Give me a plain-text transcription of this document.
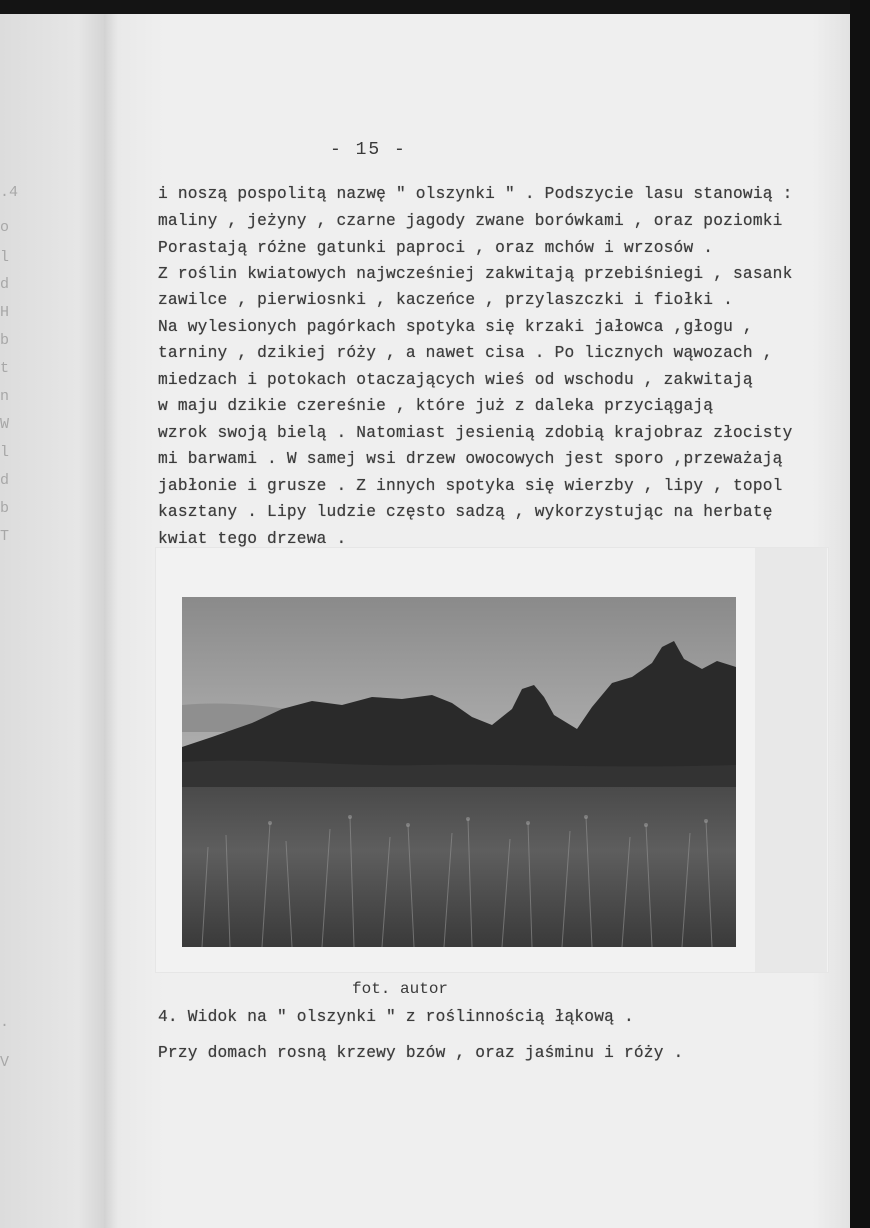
.4
o
l
d
H
b
t
n
W
l
d
b
T
.
V
- 15 -
i noszą pospolitą nazwę " olszynki " . Podszycie lasu stanowią :
maliny , jeżyny , czarne jagody zwane borówkami , oraz poziomki
Porastają różne gatunki paproci , oraz mchów i wrzosów .
Z roślin kwiatowych najwcześniej zakwitają przebiśniegi , sasank
zawilce , pierwiosnki , kaczeńce , przylaszczki i fiołki .
Na wylesionych pagórkach spotyka się krzaki jałowca ,głogu ,
tarniny , dzikiej róży , a nawet cisa . Po licznych wąwozach ,
miedzach i potokach otaczających wieś od wschodu , zakwitają
w maju dzikie czereśnie , które już z daleka przyciągają
wzrok swoją bielą . Natomiast jesienią zdobią krajobraz złocisty
mi barwami . W samej wsi drzew owocowych jest sporo ,przeważają
jabłonie i grusze . Z innych spotyka się wierzby , lipy , topol
kasztany . Lipy ludzie często sadzą , wykorzystując na herbatę
kwiat tego drzewa .
fot. autor
4. Widok na " olszynki " z roślinnością łąkową .
Przy domach rosną krzewy bzów , oraz jaśminu i róży .
